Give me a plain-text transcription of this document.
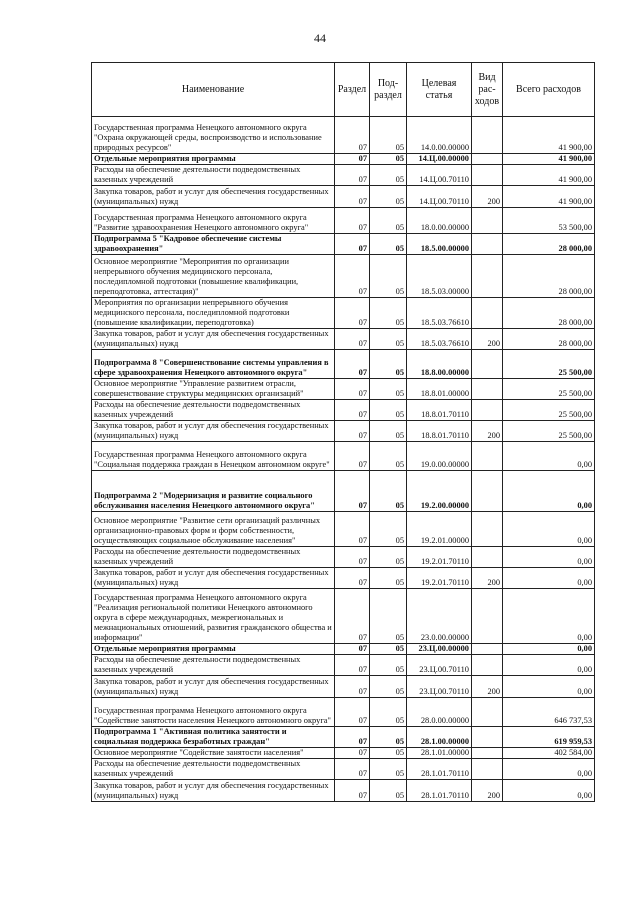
44
Наименование	Раздел	Под-раздел	Целевая статья	Вид рас-ходов	Всего расходов
Государственная программа Ненецкого автономного округа "Охрана окружающей среды, воспроизводство и использование природных ресурсов"	07	05	14.0.00.00000		41 900,00
Отдельные мероприятия программы	07	05	14.Ц.00.00000		41 900,00
Расходы на обеспечение деятельности подведомственных казенных учреждений	07	05	14.Ц.00.70110		41 900,00
Закупка товаров, работ и услуг для обеспечения государственных (муниципальных) нужд	07	05	14.Ц.00.70110	200	41 900,00
Государственная программа Ненецкого автономного округа "Развитие здравоохранения Ненецкого автономного округа"	07	05	18.0.00.00000		53 500,00
Подпрограмма 5 "Кадровое обеспечение системы здравоохранения"	07	05	18.5.00.00000		28 000,00
Основное мероприятие "Мероприятия по организации непрерывного обучения медицинского персонала, последипломной подготовки (повышение квалификации, переподготовка, аттестация)"	07	05	18.5.03.00000		28 000,00
Мероприятия по организации непрерывного обучения медицинского персонала, последипломной подготовки (повышение квалификации, переподготовка)	07	05	18.5.03.76610		28 000,00
Закупка товаров, работ и услуг для обеспечения государственных (муниципальных) нужд	07	05	18.5.03.76610	200	28 000,00
Подпрограмма 8 "Совершенствование системы управления в сфере здравоохранения Ненецкого автономного округа"	07	05	18.8.00.00000		25 500,00
Основное мероприятие "Управление развитием отрасли, совершенствование структуры медицинских организаций"	07	05	18.8.01.00000		25 500,00
Расходы на обеспечение деятельности подведомственных казенных учреждений	07	05	18.8.01.70110		25 500,00
Закупка товаров, работ и услуг для обеспечения государственных (муниципальных) нужд	07	05	18.8.01.70110	200	25 500,00
Государственная программа Ненецкого автономного округа "Социальная поддержка граждан в Ненецком автономном округе"	07	05	19.0.00.00000		0,00
Подпрограмма 2 "Модернизация и развитие социального обслуживания населения Ненецкого автономного округа"	07	05	19.2.00.00000		0,00
Основное мероприятие "Развитие сети организаций различных организационно-правовых форм и форм собственности, осуществляющих социальное обслуживание населения"	07	05	19.2.01.00000		0,00
Расходы на обеспечение деятельности подведомственных казенных учреждений	07	05	19.2.01.70110		0,00
Закупка товаров, работ и услуг для обеспечения государственных (муниципальных) нужд	07	05	19.2.01.70110	200	0,00
Государственная программа Ненецкого автономного округа "Реализация региональной политики Ненецкого автономного округа в сфере международных, межрегиональных и межнациональных отношений, развития гражданского общества и информации"	07	05	23.0.00.00000		0,00
Отдельные мероприятия программы	07	05	23.Ц.00.00000		0,00
Расходы на обеспечение деятельности подведомственных казенных учреждений	07	05	23.Ц.00.70110		0,00
Закупка товаров, работ и услуг для обеспечения государственных (муниципальных) нужд	07	05	23.Ц.00.70110	200	0,00
Государственная программа Ненецкого автономного округа "Содействие занятости населения Ненецкого автономного округа"	07	05	28.0.00.00000		646 737,53
Подпрограмма 1 "Активная политика занятости и социальная поддержка безработных граждан"	07	05	28.1.00.00000		619 959,53
Основное мероприятие "Содействие занятости населения"	07	05	28.1.01.00000		402 584,00
Расходы на обеспечение деятельности подведомственных казенных учреждений	07	05	28.1.01.70110		0,00
Закупка товаров, работ и услуг для обеспечения государственных (муниципальных) нужд	07	05	28.1.01.70110	200	0,00
